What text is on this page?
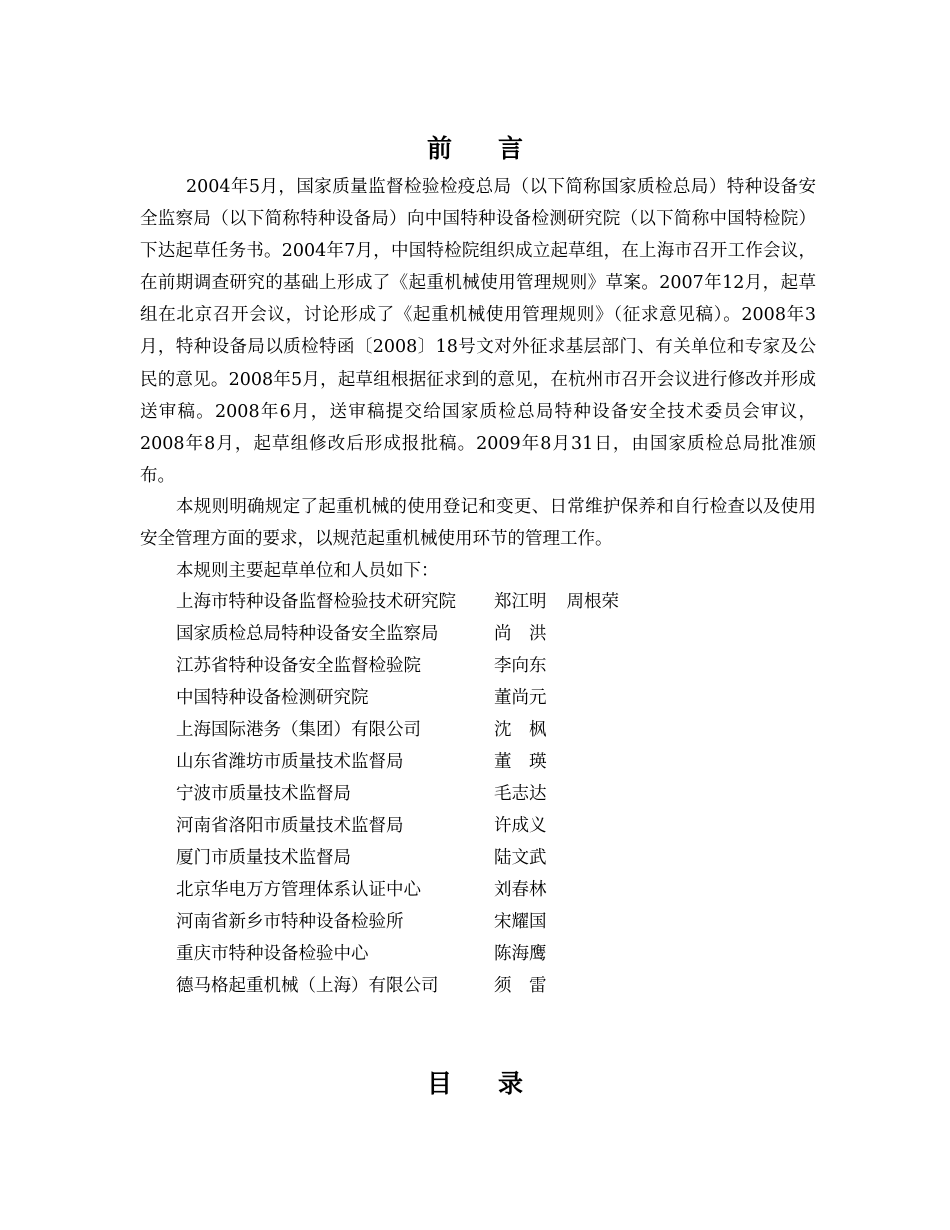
前言
2004年5月，国家质量监督检验检疫总局（以下简称国家质检总局）特种设备安全监察局（以下简称特种设备局）向中国特种设备检测研究院（以下简称中国特检院）下达起草任务书。2004年7月，中国特检院组织成立起草组，在上海市召开工作会议，在前期调查研究的基础上形成了《起重机械使用管理规则》草案。2007年12月，起草组在北京召开会议，讨论形成了《起重机械使用管理规则》（征求意见稿）。2008年3月，特种设备局以质检特函〔2008〕18号文对外征求基层部门、有关单位和专家及公民的意见。2008年5月，起草组根据征求到的意见，在杭州市召开会议进行修改并形成送审稿。2008年6月，送审稿提交给国家质检总局特种设备安全技术委员会审议，2008年8月，起草组修改后形成报批稿。2009年8月31日，由国家质检总局批准颁布。
本规则明确规定了起重机械的使用登记和变更、日常维护保养和自行检查以及使用安全管理方面的要求，以规范起重机械使用环节的管理工作。
本规则主要起草单位和人员如下：
上海市特种设备监督检验技术研究院	郑江明 周根荣
国家质检总局特种设备安全监察局	尚　洪
江苏省特种设备安全监督检验院	李向东
中国特种设备检测研究院	董尚元
上海国际港务（集团）有限公司	沈　枫
山东省潍坊市质量技术监督局	董　瑛
宁波市质量技术监督局	毛志达
河南省洛阳市质量技术监督局	许成义
厦门市质量技术监督局	陆文武
北京华电万方管理体系认证中心	刘春林
河南省新乡市特种设备检验所	宋耀国
重庆市特种设备检验中心	陈海鹰
德马格起重机械（上海）有限公司	须　雷
目录
